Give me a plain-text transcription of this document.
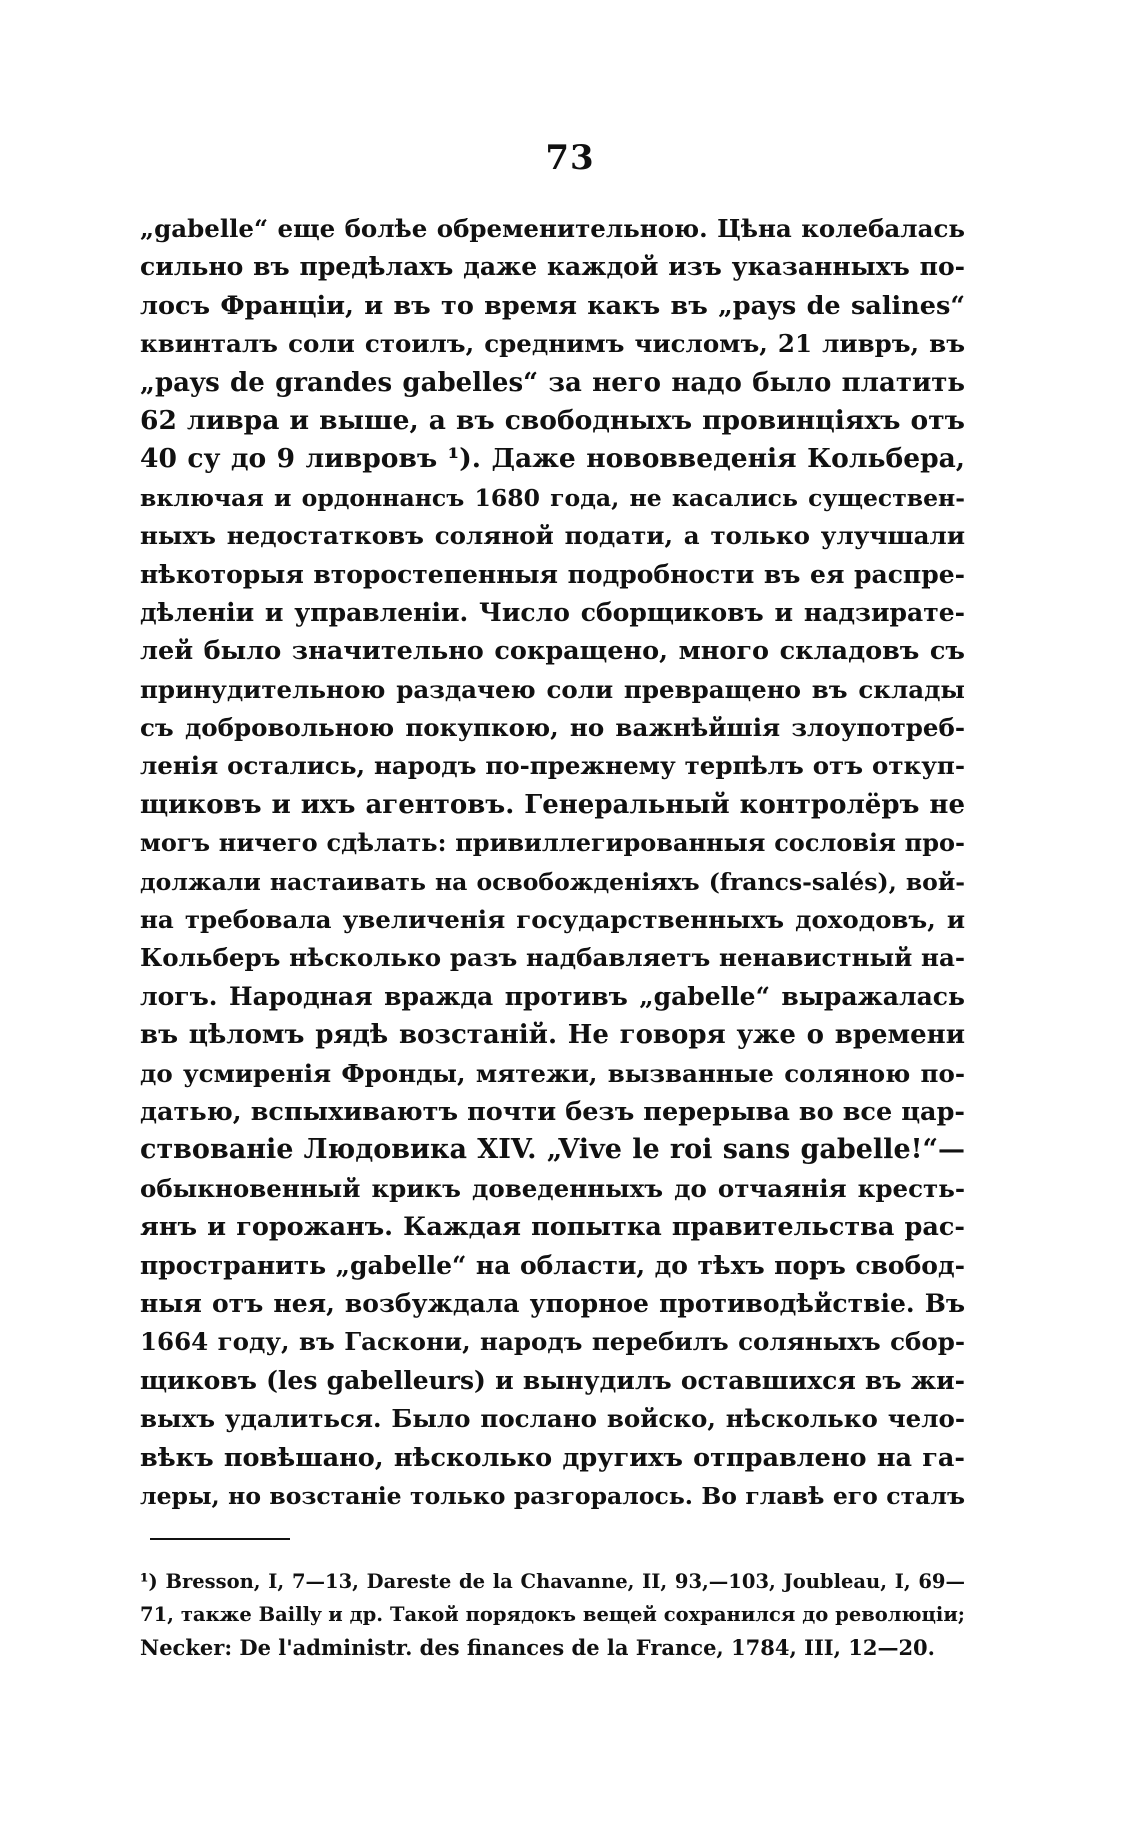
73
„gabelle“ еще болѣе обременительною. Цѣна колебалась
сильно въ предѣлахъ даже каждой изъ указанныхъ по-
лосъ Франціи, и въ то время какъ въ „pays de salines“
квинталъ соли стоилъ, среднимъ числомъ, 21 ливръ, въ
„pays de grandes gabelles“ за него надо было платить
62 ливра и выше, а въ свободныхъ провинціяхъ отъ
40 су до 9 ливровъ ¹). Даже нововведенія Кольбера,
включая и ордоннансъ 1680 года, не касались существен-
ныхъ недостатковъ соляной подати, а только улучшали
нѣкоторыя второстепенныя подробности въ ея распре-
дѣленіи и управленіи. Число сборщиковъ и надзирате-
лей было значительно сокращено, много складовъ съ
принудительною раздачею соли превращено въ склады
съ добровольною покупкою, но важнѣйшія злоупотреб-
ленія остались, народъ по-прежнему терпѣлъ отъ откуп-
щиковъ и ихъ агентовъ. Генеральный контролёръ не
могъ ничего сдѣлать: привиллегированныя сословія про-
должали настаивать на освобожденіяхъ (francs-salés), вой-
на требовала увеличенія государственныхъ доходовъ, и
Кольберъ нѣсколько разъ надбавляетъ ненавистный на-
логъ. Народная вражда противъ „gabelle“ выражалась
въ цѣломъ рядѣ возстаній. Не говоря уже о времени
до усмиренія Фронды, мятежи, вызванные соляною по-
датью, вспыхиваютъ почти безъ перерыва во все цар-
ствованіе Людовика XIV. „Vive le roi sans gabelle!“—
обыкновенный крикъ доведенныхъ до отчаянія кресть-
янъ и горожанъ. Каждая попытка правительства рас-
пространить „gabelle“ на области, до тѣхъ поръ свобод-
ныя отъ нея, возбуждала упорное противодѣйствіе. Въ
1664 году, въ Гаскони, народъ перебилъ соляныхъ сбор-
щиковъ (les gabelleurs) и вынудилъ оставшихся въ жи-
выхъ удалиться. Было послано войско, нѣсколько чело-
вѣкъ повѣшано, нѣсколько другихъ отправлено на га-
леры, но возстаніе только разгоралось. Во главѣ его сталъ
¹) Bresson, I, 7—13, Dareste de la Chavanne, II, 93,—103, Joubleau, I, 69—
71, также Bailly и др. Такой порядокъ вещей сохранился до революціи;
Necker: De l'administr. des finances de la France, 1784, III, 12—20.
